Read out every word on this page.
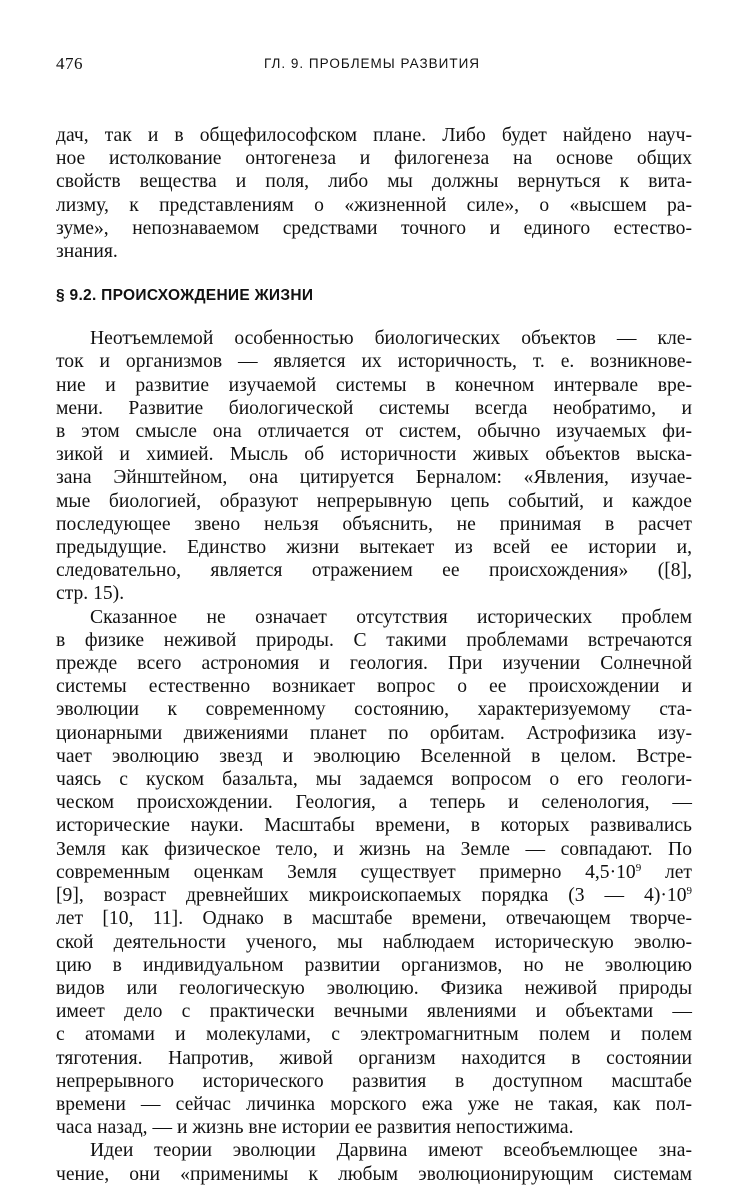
476	ГЛ. 9. ПРОБЛЕМЫ РАЗВИТИЯ
дач, так и в общефилософском плане. Либо будет найдено науч-
ное истолкование онтогенеза и филогенеза на основе общих
свойств вещества и поля, либо мы должны вернуться к вита-
лизму, к представлениям о «жизненной силе», о «высшем ра-
зуме», непознаваемом средствами точного и единого естество-
знания.
§ 9.2. ПРОИСХОЖДЕНИЕ ЖИЗНИ
Неотъемлемой особенностью биологических объектов — кле-
ток и организмов — является их историчность, т. е. возникнове-
ние и развитие изучаемой системы в конечном интервале вре-
мени. Развитие биологической системы всегда необратимо, и
в этом смысле она отличается от систем, обычно изучаемых фи-
зикой и химией. Мысль об историчности живых объектов выска-
зана Эйнштейном, она цитируется Берналом: «Явления, изучае-
мые биологией, образуют непрерывную цепь событий, и каждое
последующее звено нельзя объяснить, не принимая в расчет
предыдущие. Единство жизни вытекает из всей ее истории и,
следовательно, является отражением ее происхождения» ([8],
стр. 15).
Сказанное не означает отсутствия исторических проблем
в физике неживой природы. С такими проблемами встречаются
прежде всего астрономия и геология. При изучении Солнечной
системы естественно возникает вопрос о ее происхождении и
эволюции к современному состоянию, характеризуемому ста-
ционарными движениями планет по орбитам. Астрофизика изу-
чает эволюцию звезд и эволюцию Вселенной в целом. Встре-
чаясь с куском базальта, мы задаемся вопросом о его геологи-
ческом происхождении. Геология, а теперь и селенология, —
исторические науки. Масштабы времени, в которых развивались
Земля как физическое тело, и жизнь на Земле — совпадают. По
современным оценкам Земля существует примерно $4,5\cdot 10^9$ лет
[9], возраст древнейших микроископаемых порядка (3 — $4)\cdot 10^9$
лет [10, 11]. Однако в масштабе времени, отвечающем творче-
ской деятельности ученого, мы наблюдаем историческую эволю-
цию в индивидуальном развитии организмов, но не эволюцию
видов или геологическую эволюцию. Физика неживой природы
имеет дело с практически вечными явлениями и объектами —
с атомами и молекулами, с электромагнитным полем и полем
тяготения. Напротив, живой организм находится в состоянии
непрерывного исторического развития в доступном масштабе
времени — сейчас личинка морского ежа уже не такая, как пол-
часа назад, — и жизнь вне истории ее развития непостижима.
Идеи теории эволюции Дарвина имеют всеобъемлющее зна-
чение, они «применимы к любым эволюционирующим системам
